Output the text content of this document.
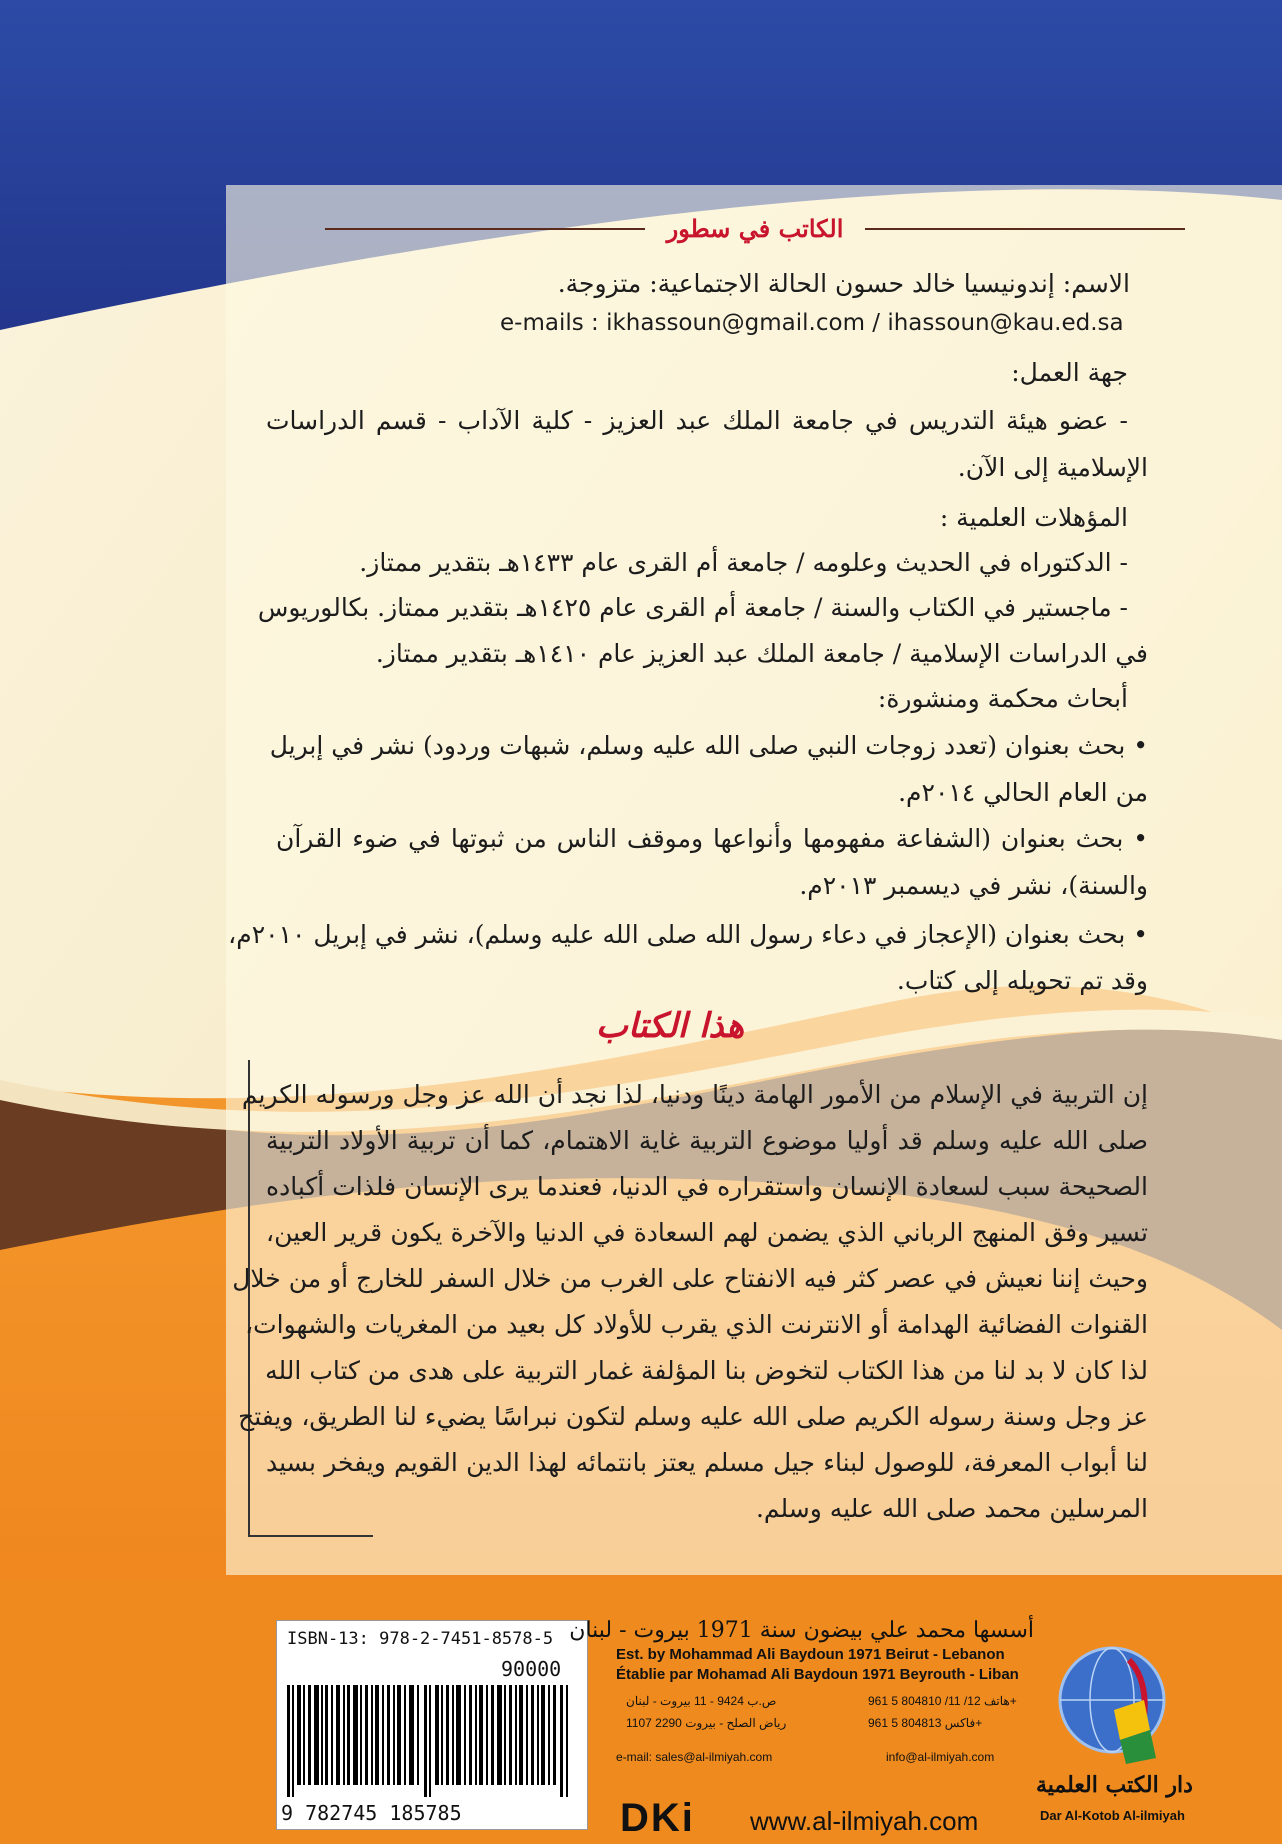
الكاتب في سطور
الاسم: إندونيسيا خالد حسون الحالة الاجتماعية: متزوجة.
e-mails : ikhassoun@gmail.com / ihassoun@kau.ed.sa
جهة العمل:
- عضو هيئة التدريس في جامعة الملك عبد العزيز - كلية الآداب - قسم الدراسات
الإسلامية إلى الآن.
المؤهلات العلمية :
- الدكتوراه في الحديث وعلومه / جامعة أم القرى عام ١٤٣٣هـ بتقدير ممتاز.
- ماجستير في الكتاب والسنة / جامعة أم القرى عام ١٤٢٥هـ بتقدير ممتاز. بكالوريوس
في الدراسات الإسلامية / جامعة الملك عبد العزيز عام ١٤١٠هـ بتقدير ممتاز.
أبحاث محكمة ومنشورة:
• بحث بعنوان (تعدد زوجات النبي صلى الله عليه وسلم، شبهات وردود) نشر في إبريل
من العام الحالي ٢٠١٤م.
• بحث بعنوان (الشفاعة مفهومها وأنواعها وموقف الناس من ثبوتها في ضوء القرآن
والسنة)، نشر في ديسمبر ٢٠١٣م.
• بحث بعنوان (الإعجاز في دعاء رسول الله صلى الله عليه وسلم)، نشر في إبريل ٢٠١٠م،
وقد تم تحويله إلى كتاب.
هذا الكتاب
إن التربية في الإسلام من الأمور الهامة دينًا ودنيا، لذا نجد أن الله عز وجل ورسوله الكريم
صلى الله عليه وسلم قد أوليا موضوع التربية غاية الاهتمام، كما أن تربية الأولاد التربية
الصحيحة سبب لسعادة الإنسان واستقراره في الدنيا، فعندما يرى الإنسان فلذات أكباده
تسير وفق المنهج الرباني الذي يضمن لهم السعادة في الدنيا والآخرة يكون قرير العين،
وحيث إننا نعيش في عصر كثر فيه الانفتاح على الغرب من خلال السفر للخارج أو من خلال
القنوات الفضائية الهدامة أو الانترنت الذي يقرب للأولاد كل بعيد من المغريات والشهوات،
لذا كان لا بد لنا من هذا الكتاب لتخوض بنا المؤلفة غمار التربية على هدى من كتاب الله
عز وجل وسنة رسوله الكريم صلى الله عليه وسلم لتكون نبراسًا يضيء لنا الطريق، ويفتح
لنا أبواب المعرفة، للوصول لبناء جيل مسلم يعتز بانتمائه لهذا الدين القويم ويفخر بسيد
المرسلين محمد صلى الله عليه وسلم.
ISBN-13: 978-2-7451-8578-5
90000
9 782745 185785
أسسها محمد علي بيضون سنة 1971 بيروت - لبنان
Est. by Mohammad Ali Baydoun 1971 Beirut - Lebanon
Établie par Mohamad Ali Baydoun 1971 Beyrouth - Liban
هاتف 12/ 11/ 804810 5 961+
فاكس 804813 5 961+
ص.ب 9424 - 11 بيروت - لبنان
رياض الصلح - بيروت 2290 1107
e-mail: sales@al-ilmiyah.com	info@al-ilmiyah.com
DKi www.al-ilmiyah.com
دار الكتب العلمية
Dar Al-Kotob Al-ilmiyah
